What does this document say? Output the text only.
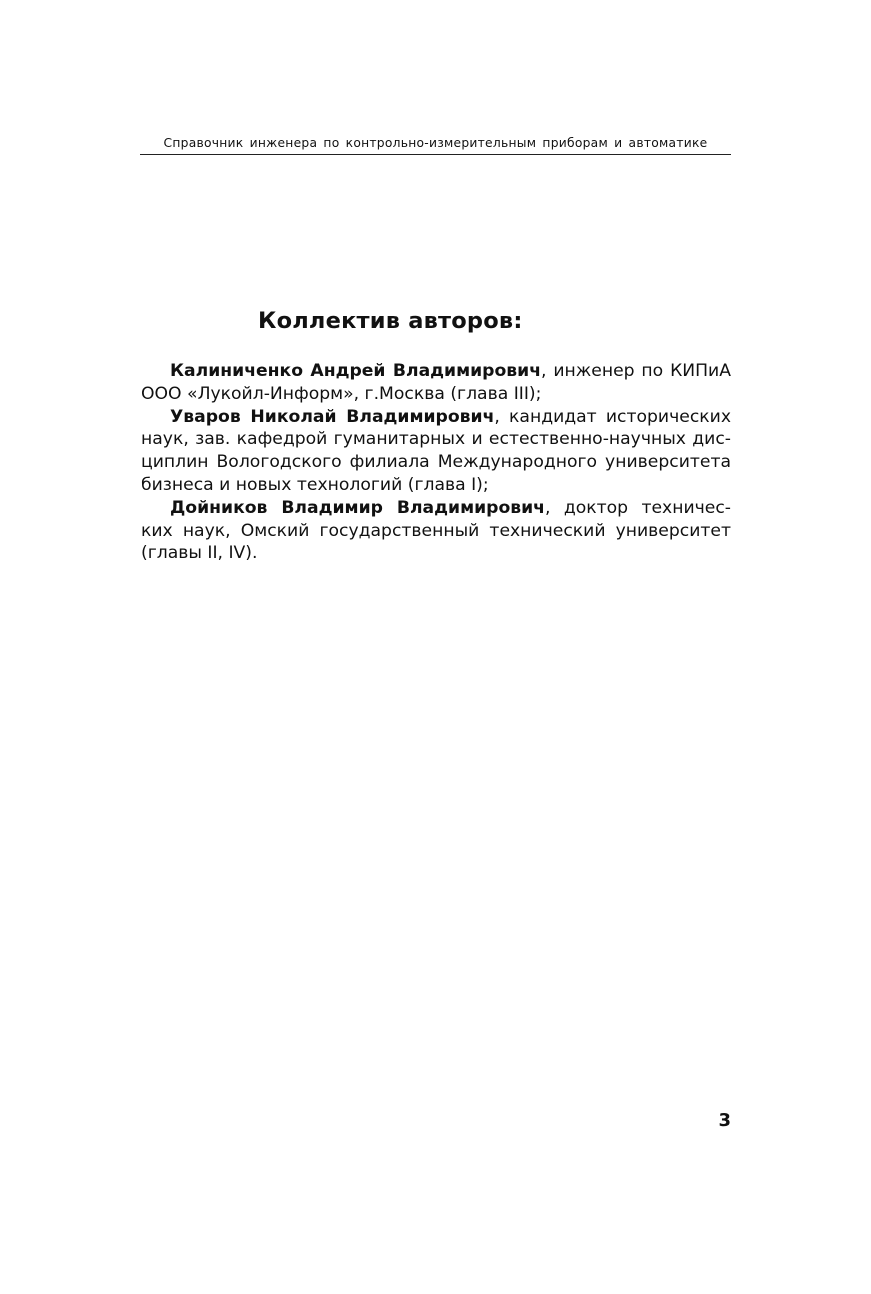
Справочник инженера по контрольно-измерительным приборам и автоматике
Коллектив авторов:
Калиниченко Андрей Владимирович, инженер по КИПиА
ООО «Лукойл-Информ», г.Москва (глава III);
Уваров Николай Владимирович, кандидат исторических
наук, зав. кафедрой гуманитарных и естественно-научных дис-
циплин Вологодского филиала Международного университета
бизнеса и новых технологий (глава I);
Дойников Владимир Владимирович, доктор техничес-
ких наук, Омский государственный технический университет
(главы II, IV).
3
